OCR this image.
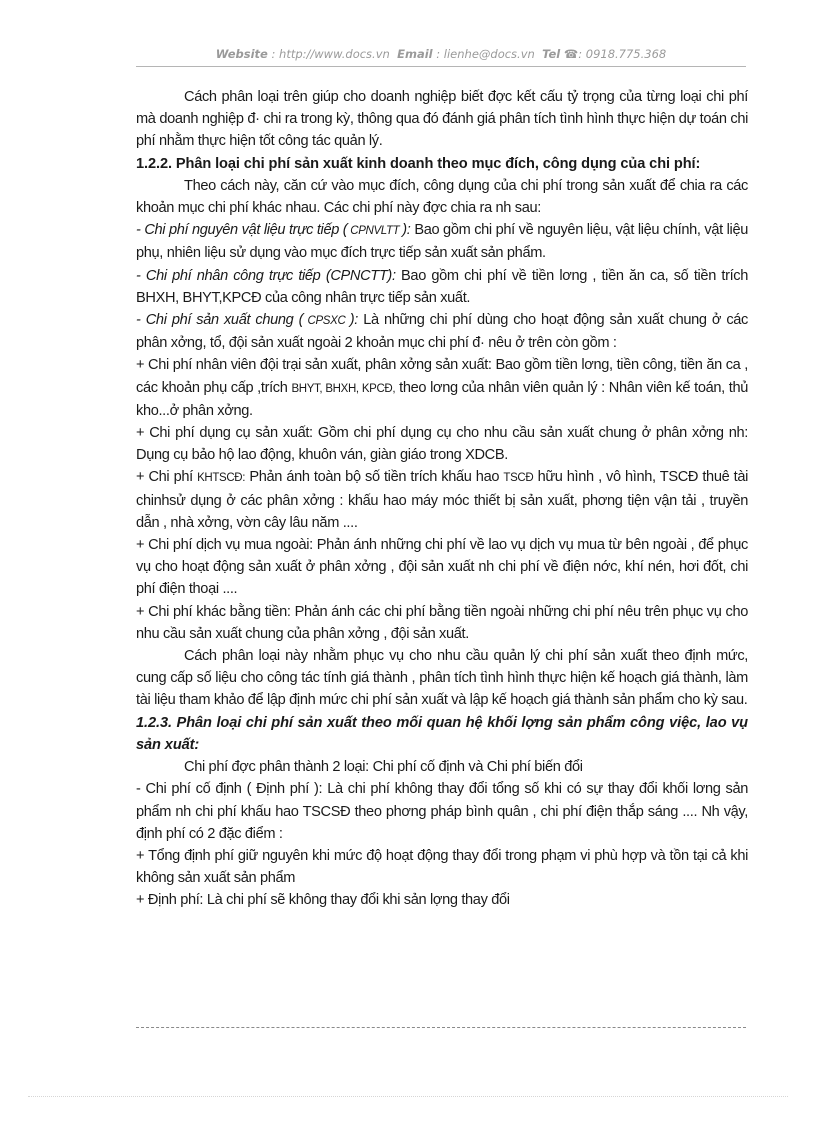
Website : http://www.docs.vn Email : lienhe@docs.vn Tel ☎: 0918.775.368

Cách phân loại trên giúp cho doanh nghiệp biết đợc kết cấu tỷ trọng của từng loại chi phí mà doanh nghiệp đ· chi ra trong kỳ, thông qua đó đánh giá phân tích tình hình thực hiện dự toán chi phí nhằm thực hiện tốt công tác quản lý.

1.2.2. Phân loại chi phí sản xuất kinh doanh theo mục đích, công dụng của chi phí:

Theo cách này, căn cứ vào mục đích, công dụng của chi phí trong sản xuất để chia ra các khoản mục chi phí khác nhau. Các chi phí này đợc chia ra nh sau:

- Chi phí nguyên vật liệu trực tiếp ( CPNVLTT ): Bao gồm chi phí về nguyên liệu, vật liệu chính, vật liệu phụ, nhiên liệu sử dụng vào mục đích trực tiếp sản xuất sản phẩm.

- Chi phí nhân công trực tiếp (CPNCTT): Bao gồm chi phí về tiền lơng , tiền ăn ca, số tiền trích BHXH, BHYT,KPCĐ của công nhân trực tiếp sản xuất.

- Chi phí sản xuất chung ( CPSXC ): Là những chi phí dùng cho hoạt động sản xuất chung ở các phân xởng, tổ, đội sản xuất ngoài 2 khoản mục chi phí đ· nêu ở trên còn gồm :

+ Chi phí nhân viên đội trại sản xuất, phân xởng sản xuất: Bao gồm tiền lơng, tiền công, tiền ăn ca , các khoản phụ cấp ,trích BHYT, BHXH, KPCĐ, theo lơng của nhân viên quản lý : Nhân viên kế toán, thủ kho...ở phân xởng.

+ Chi phí dụng cụ sản xuất: Gồm chi phí dụng cụ cho nhu cầu sản xuất chung ở phân xởng nh: Dụng cụ bảo hộ lao động, khuôn ván, giàn giáo trong XDCB.

+ Chi phí KHTSCĐ: Phản ánh toàn bộ số tiền trích khấu hao TSCĐ hữu hình , vô hình, TSCĐ thuê tài chinhsử dụng ở các phân xởng : khấu hao máy móc thiết bị sản xuất, phơng tiện vận tải , truyền dẫn , nhà xởng, vờn cây lâu năm ....

+ Chi phí dịch vụ mua ngoài: Phản ánh những chi phí về lao vụ dịch vụ mua từ bên ngoài , để phục vụ cho hoạt động sản xuất ở phân xởng , đội sản xuất nh chi phí về điện nớc, khí nén, hơi đốt, chi phí điện thoại ....

+ Chi phí khác bằng tiền: Phản ánh các chi phí bằng tiền ngoài những chi phí nêu trên phục vụ cho nhu cầu sản xuất chung của phân xởng , đội sản xuất.

Cách phân loại này nhằm phục vụ cho nhu cầu quản lý chi phí sản xuất theo định mức, cung cấp số liệu cho công tác tính giá thành , phân tích tình hình thực hiện kế hoạch giá thành, làm tài liệu tham khảo để lập định mức chi phí sản xuất và lập kế hoạch giá thành sản phẩm cho kỳ sau.

1.2.3. Phân loại chi phí sản xuất theo mối quan hệ khối lợng sản phẩm công việc, lao vụ sản xuất:

Chi phí đợc phân thành 2 loại: Chi phí cố định và Chi phí biến đổi

- Chi phí cố định ( Định phí ): Là chi phí không thay đổi tổng số khi có sự thay đổi khối lơng sản phẩm nh chi phí khấu hao TSCSĐ theo phơng pháp bình quân , chi phí điện thắp sáng .... Nh vậy, định phí có 2 đặc điểm :

+ Tổng định phí giữ nguyên khi mức độ hoạt động thay đổi trong phạm vi phù hợp và tồn tại cả khi không sản xuất sản phẩm

+ Định phí: Là chi phí sẽ không thay đổi khi sản lợng thay đổi
